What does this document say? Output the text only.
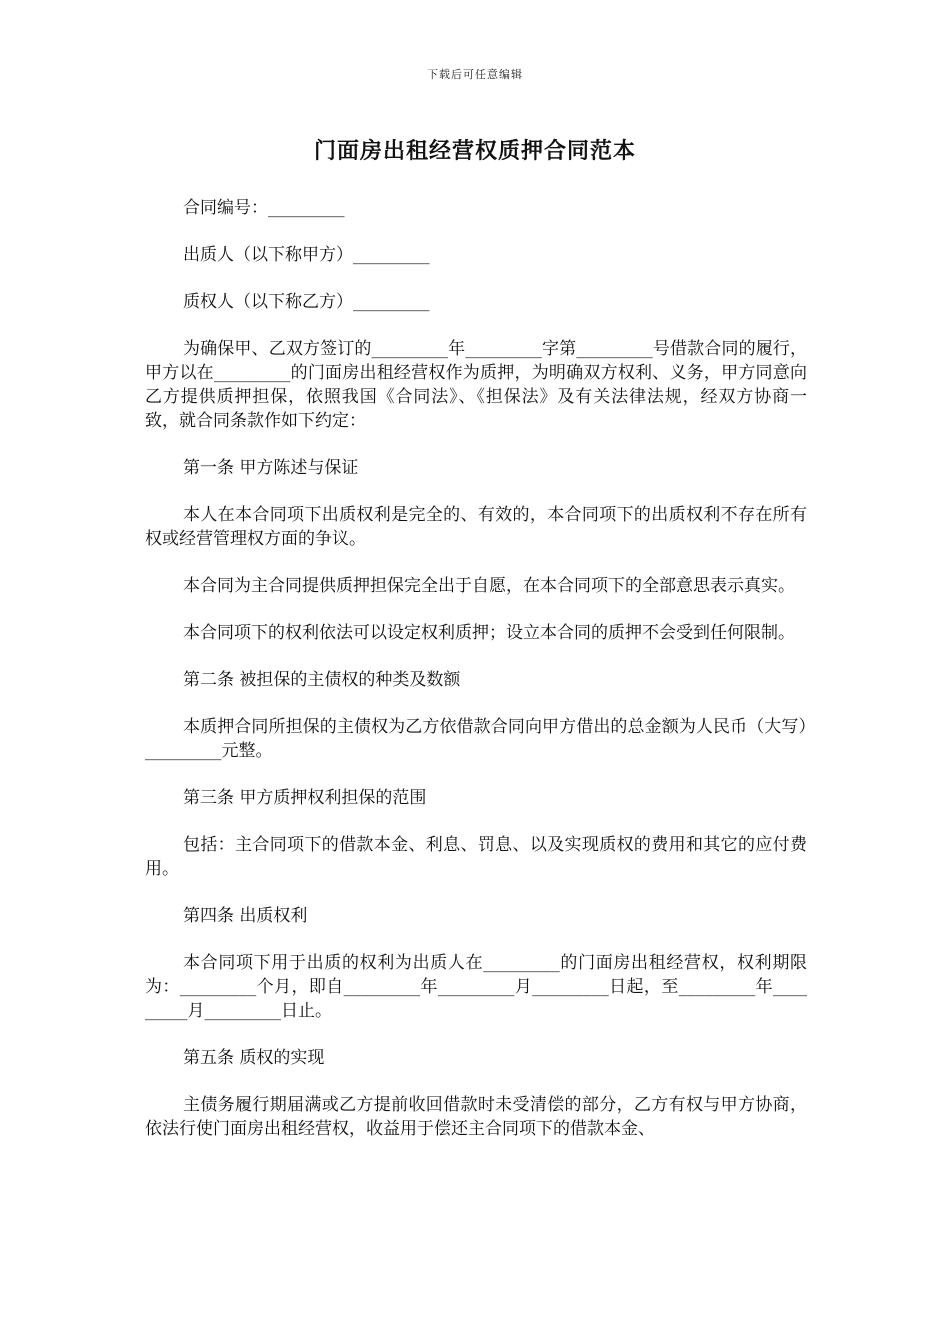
下载后可任意编辑
门面房出租经营权质押合同范本

合同编号：_________

出质人（以下称甲方）_________

质权人（以下称乙方）_________

为确保甲、乙双方签订的_________年_________字第_________号借款合同的履行，甲方以在_________的门面房出租经营权作为质押，为明确双方权利、义务，甲方同意向乙方提供质押担保，依照我国《合同法》、《担保法》及有关法律法规，经双方协商一致，就合同条款作如下约定：

第一条 甲方陈述与保证

本人在本合同项下出质权利是完全的、有效的，本合同项下的出质权利不存在所有权或经营管理权方面的争议。

本合同为主合同提供质押担保完全出于自愿，在本合同项下的全部意思表示真实。

本合同项下的权利依法可以设定权利质押；设立本合同的质押不会受到任何限制。

第二条 被担保的主债权的种类及数额

本质押合同所担保的主债权为乙方依借款合同向甲方借出的总金额为人民币（大写）_________元整。

第三条 甲方质押权利担保的范围

包括：主合同项下的借款本金、利息、罚息、以及实现质权的费用和其它的应付费用。

第四条 出质权利

本合同项下用于出质的权利为出质人在_________的门面房出租经营权，权利期限为：_________个月，即自_________年_________月_________日起，至_________年_________月_________日止。

第五条 质权的实现

主债务履行期届满或乙方提前收回借款时未受清偿的部分，乙方有权与甲方协商，依法行使门面房出租经营权，收益用于偿还主合同项下的借款本金、
